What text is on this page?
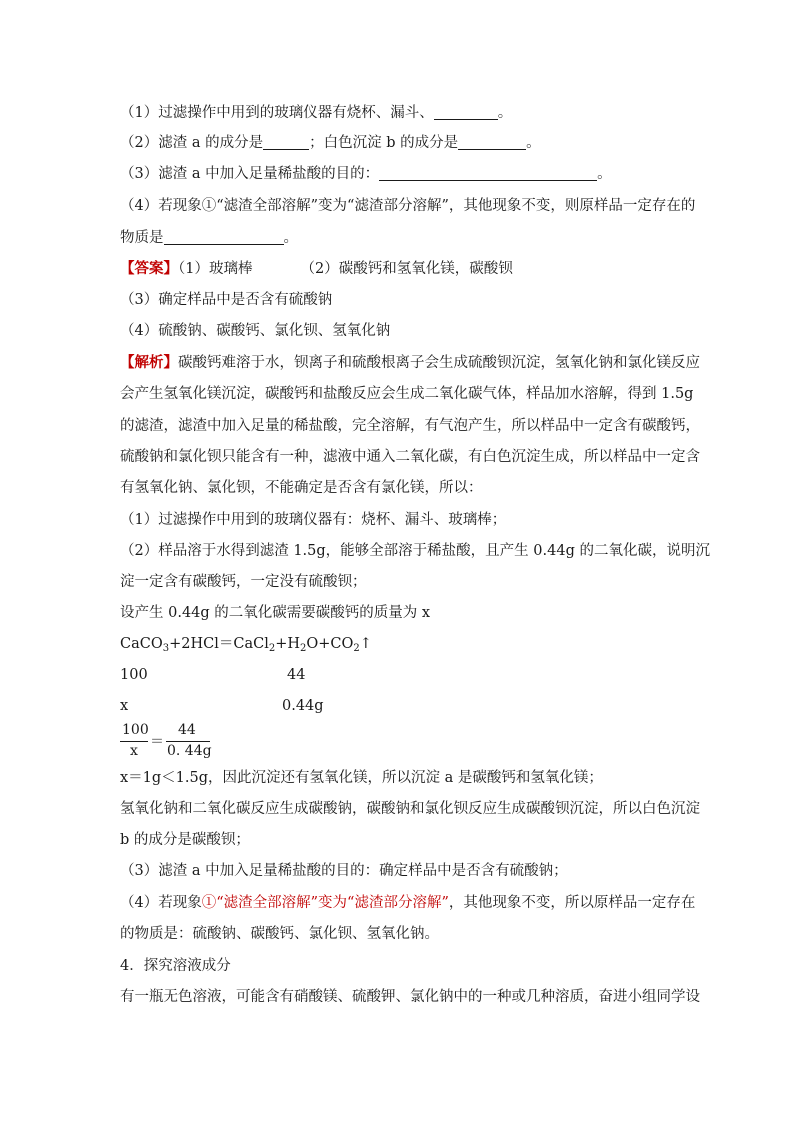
（1）过滤操作中用到的玻璃仪器有烧杯、漏斗、	。
（2）滤渣 a 的成分是	；白色沉淀 b 的成分是	。
（3）滤渣 a 中加入足量稀盐酸的目的：	。
（4）若现象①“滤渣全部溶解”变为“滤渣部分溶解”，其他现象不变，则原样品一定存在的
物质是	。
【答案】（1）玻璃棒	（2）碳酸钙和氢氧化镁，碳酸钡
（3）确定样品中是否含有硫酸钠
（4）硫酸钠、碳酸钙、氯化钡、氢氧化钠
【解析】碳酸钙难溶于水，钡离子和硫酸根离子会生成硫酸钡沉淀，氢氧化钠和氯化镁反应
会产生氢氧化镁沉淀，碳酸钙和盐酸反应会生成二氧化碳气体，样品加水溶解，得到 1.5g
的滤渣，滤渣中加入足量的稀盐酸，完全溶解，有气泡产生，所以样品中一定含有碳酸钙，
硫酸钠和氯化钡只能含有一种，滤液中通入二氧化碳，有白色沉淀生成，所以样品中一定含
有氢氧化钠、氯化钡，不能确定是否含有氯化镁，所以：
（1）过滤操作中用到的玻璃仪器有：烧杯、漏斗、玻璃棒；
（2）样品溶于水得到滤渣 1.5g，能够全部溶于稀盐酸，且产生 0.44g 的二氧化碳，说明沉
淀一定含有碳酸钙，一定没有硫酸钡；
设产生 0.44g 的二氧化碳需要碳酸钙的质量为 x
$CaCO_3+2HCl=CaCl_2+H_2O+CO_2↑$
100	44
x	0.44g
100
x
＝
44
0. 44g
x＝1g＜1.5g，因此沉淀还有氢氧化镁，所以沉淀 a 是碳酸钙和氢氧化镁；
氢氧化钠和二氧化碳反应生成碳酸钠，碳酸钠和氯化钡反应生成碳酸钡沉淀，所以白色沉淀
b 的成分是碳酸钡；
（3）滤渣 a 中加入足量稀盐酸的目的：确定样品中是否含有硫酸钠；
（4）若现象①“滤渣全部溶解”变为“滤渣部分溶解”，其他现象不变，所以原样品一定存在
的物质是：硫酸钠、碳酸钙、氯化钡、氢氧化钠。
4．探究溶液成分
有一瓶无色溶液，可能含有硝酸镁、硫酸钾、氯化钠中的一种或几种溶质，奋进小组同学设
